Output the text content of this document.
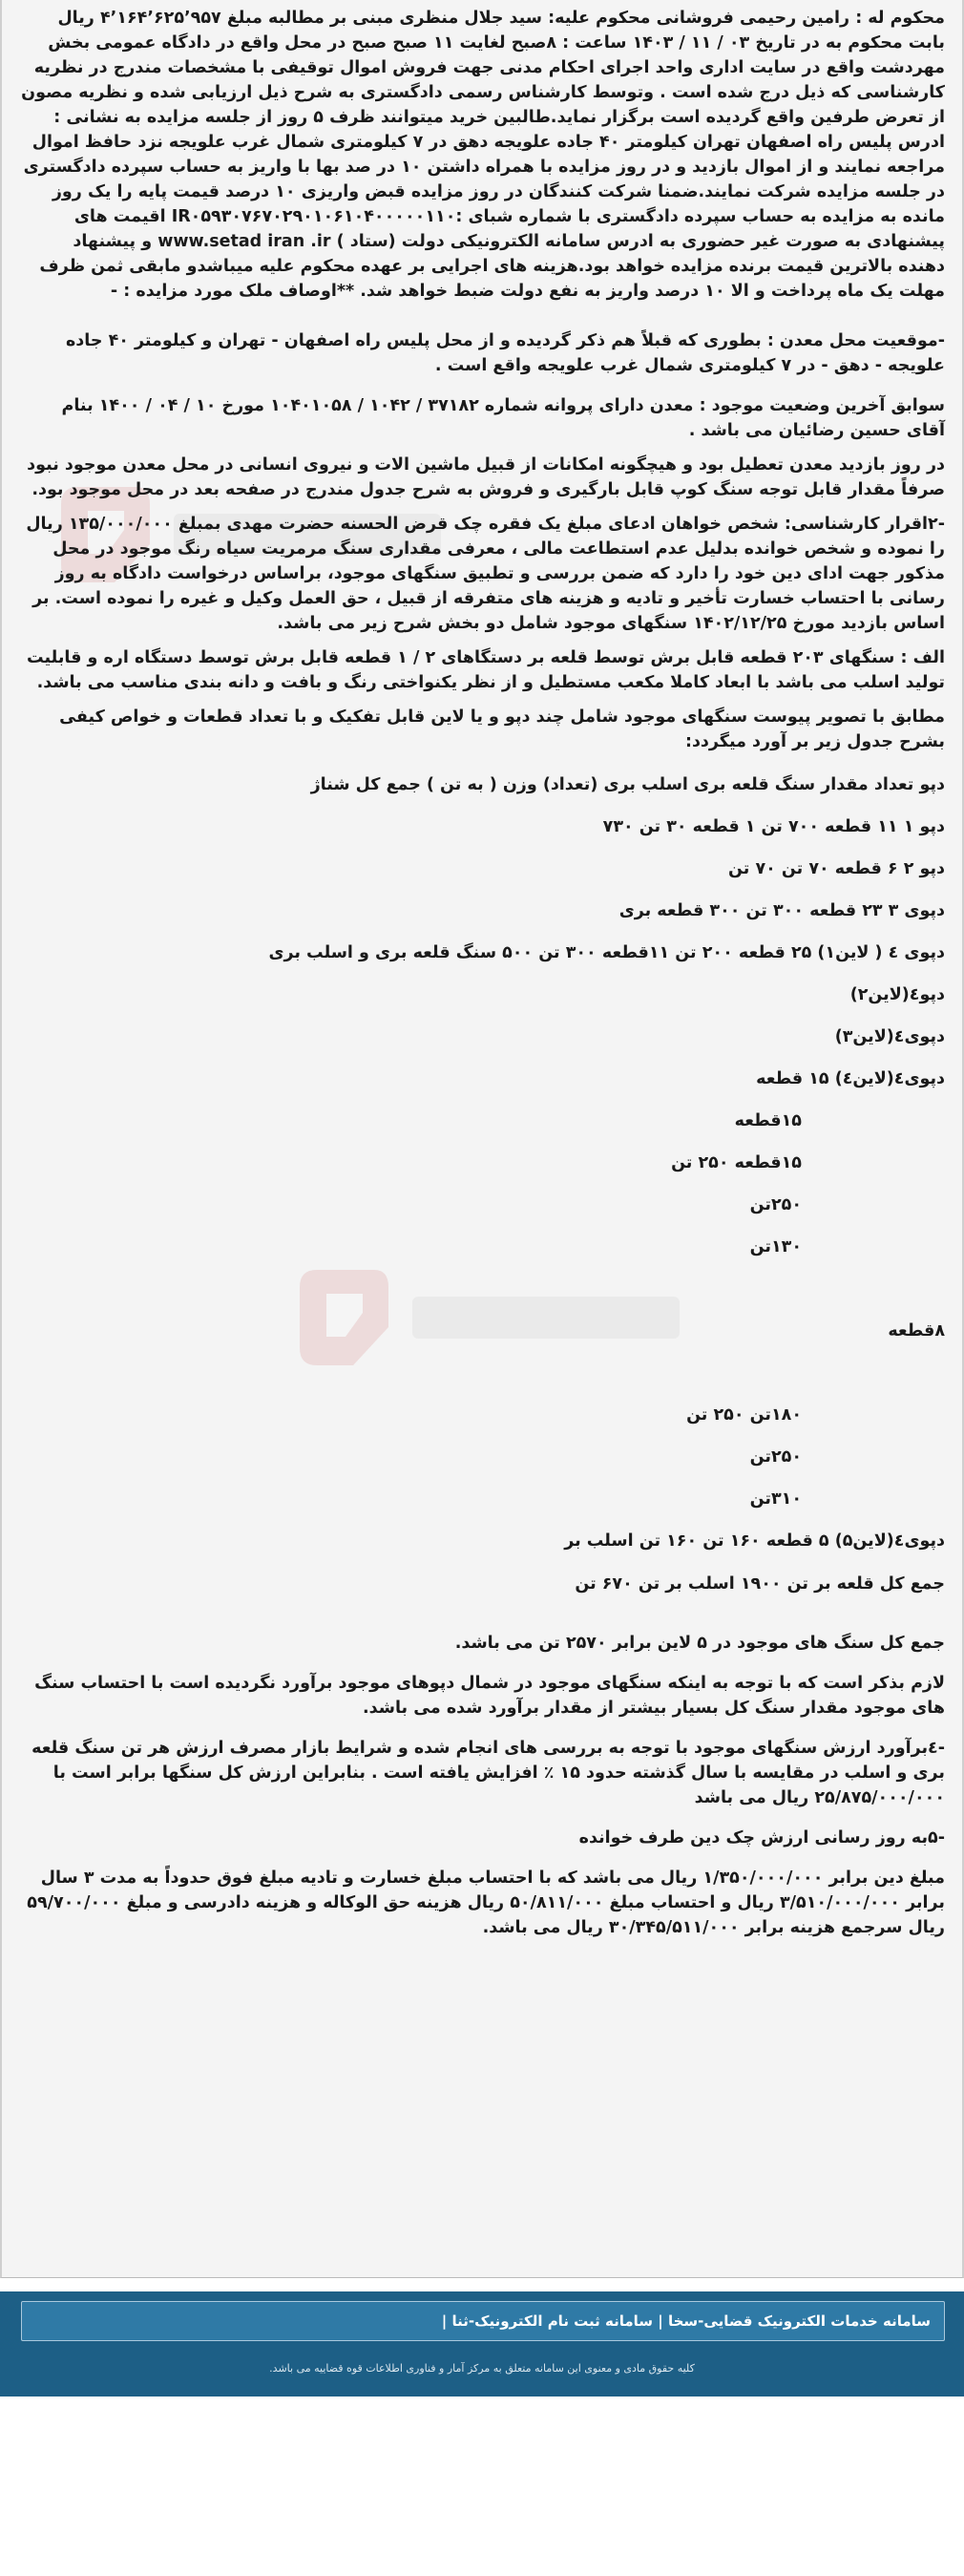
محکوم له : رامین رحیمی فروشانی محکوم علیه: سید جلال منظری مبنی بر مطالبه مبلغ ۴٬۱۶۴٬۶۲۵٬۹۵۷ ریال بابت محکوم به در تاریخ ۰۳ / ۱۱ / ۱۴۰۳ ساعت : ۸صبح لغایت ۱۱ صبح صبح در محل واقع در دادگاه عمومی بخش مهردشت واقع در سایت اداری واحد اجرای احکام مدنی جهت فروش اموال توقیفی با مشخصات مندرج در نظریه کارشناسی که ذیل درج شده است . وتوسط کارشناس رسمی دادگستری به شرح ذیل ارزیابی شده و نظریه مصون از تعرض طرفین واقع گردیده است برگزار نماید.طالبین خرید میتوانند ظرف ۵ روز از جلسه مزایده به نشانی : ادرس پلیس راه اصفهان تهران کیلومتر ۴۰ جاده علویجه دهق در ۷ کیلومتری شمال غرب علویجه نزد حافظ اموال مراجعه نمایند و از اموال بازدید و در روز مزایده با همراه داشتن ۱۰ در صد بها با واریز به حساب سپرده دادگستری در جلسه مزایده شرکت نمایند.ضمنا شرکت کنندگان در روز مزایده قبض واریزی ۱۰ درصد قیمت پایه را یک روز مانده به مزایده به حساب سپرده دادگستری با شماره شبای :IR۰۵۹۳۰۷۶۷۰۲۹۰۱۰۶۱۰۴۰۰۰۰۰۱۱۰ اقیمت های پیشنهادی به صورت غیر حضوری به ادرس سامانه الکترونیکی دولت (ستاد ) www.setad iran .ir و پیشنهاد دهنده بالاترین قیمت برنده مزایده خواهد بود.هزینه های اجرایی بر عهده محکوم علیه میباشدو مابقی ثمن ظرف مهلت یک ماه پرداخت و الا ۱۰ درصد واریز به نفع دولت ضبط خواهد شد. **اوصاف ملک مورد مزایده : -

-موقعیت محل معدن : بطوری که قبلاً هم ذکر گردیده و از محل پلیس راه اصفهان - تهران و کیلومتر ۴۰ جاده علویجه - دهق - در ۷ کیلومتری شمال غرب علویجه واقع است .

سوابق آخرین وضعیت موجود : معدن دارای پروانه شماره ۳۷۱۸۲ / ۱۰۴۲ / ۱۰۴۰۱۰۵۸ مورخ ۱۰ / ۰۴ / ۱۴۰۰ بنام آقای حسین رضائیان می باشد .

در روز بازدید معدن تعطیل بود و هیچگونه امکانات از قبیل ماشین الات و نیروی انسانی در محل معدن موجود نبود صرفاً مقدار قابل توجه سنگ کوپ قابل بارگیری و فروش به شرح جدول مندرج در صفحه بعد در محل موجود بود.

-۲اقرار کارشناسی: شخص خواهان ادعای مبلغ یک فقره چک قرض الحسنه حضرت مهدی بمبلغ ۱۳۵/۰۰۰/۰۰۰ ریال را نموده و شخص خوانده بدلیل عدم استطاعت مالی ، معرفی مقداری سنگ مرمریت سیاه رنگ موجود در محل مذکور جهت ادای دین خود را دارد که ضمن بررسی و تطبیق سنگهای موجود، براساس درخواست دادگاه به روز رسانی با احتساب خسارت تأخیر و تادیه و هزینه های متفرقه از قبیل ، حق العمل وکیل و غیره را نموده است. بر اساس بازدید مورخ ۱۴۰۲/۱۲/۲۵ سنگهای موجود شامل دو بخش شرح زیر می باشد.

الف : سنگهای ۲۰۳ قطعه قابل برش توسط قلعه بر دستگاهای ۲ / ۱ قطعه قابل برش توسط دستگاه اره و قابلیت تولید اسلب می باشد با ابعاد کاملا مکعب مستطیل و از نظر یکنواختی رنگ و بافت و دانه بندی مناسب می باشد.

مطابق با تصویر پیوست سنگهای موجود شامل چند دپو و یا لاین قابل تفکیک و با تعداد قطعات و خواص کیفی بشرح جدول زیر بر آورد میگردد:

دپو تعداد مقدار سنگ قلعه بری اسلب بری (تعداد) وزن ( به تن ) جمع کل شناژ
دپو ۱ ۱۱ قطعه ۷۰۰ تن ۱ قطعه ۳۰ تن ۷۳۰
دپو ۲ ۶ قطعه ۷۰ تن ۷۰ تن
دپوی ۳ ۲۳ قطعه ۳۰۰ تن ۳۰۰ قطعه بری
دپوی ٤ ( لاین۱) ۲۵ قطعه ۲۰۰ تن ۱۱قطعه ۳۰۰ تن ۵۰۰ سنگ قلعه بری و اسلب بری
دپو٤(لاین۲)
دپوی٤(لاین۳)
دپوی٤(لاین٤) ۱۵ قطعه
۱۵قطعه
۱۵قطعه ۲۵۰ تن
۲۵۰تن
۱۳۰تن
۸قطعه
۱۸۰تن ۲۵۰ تن
۲۵۰تن
۳۱۰تن
دپوی٤(لاین۵) ۵ قطعه ۱۶۰ تن ۱۶۰ تن اسلب بر
جمع کل قلعه بر تن ۱۹۰۰ اسلب بر تن ۶۷۰ تن

جمع کل سنگ های موجود در ۵ لاین برابر ۲۵۷۰ تن می باشد.

لازم بذکر است که با توجه به اینکه سنگهای موجود در شمال دپوهای موجود برآورد نگردیده است با احتساب سنگ های موجود مقدار سنگ کل بسیار بیشتر از مقدار برآورد شده می باشد.

-٤برآورد ارزش سنگهای موجود با توجه به بررسی های انجام شده و شرایط بازار مصرف ارزش هر تن سنگ قلعه بری و اسلب در مقایسه با سال گذشته حدود ۱۵ ٪ افزایش یافته است . بنابراین ارزش کل سنگها برابر است با ۲۵/۸۷۵/۰۰۰/۰۰۰ ریال می باشد

-۵به روز رسانی ارزش چک دین طرف خوانده

مبلغ دین برابر ۱/۳۵۰/۰۰۰/۰۰۰ ریال می باشد که با احتساب مبلغ خسارت و تادیه مبلغ فوق حدوداً به مدت ۳ سال برابر ۳/۵۱۰/۰۰۰/۰۰۰ ریال و احتساب مبلغ ۵۰/۸۱۱/۰۰۰ ریال هزینه حق الوکاله و هزینه دادرسی و مبلغ ۵۹/۷۰۰/۰۰۰ ریال سرجمع هزینه برابر ۳۰/۳۴۵/۵۱۱/۰۰۰ ریال می باشد.

سامانه خدمات الکترونیک قضایی-سخا | سامانه ثبت نام الکترونیک-ثنا |
کلیه حقوق مادی و معنوی این سامانه متعلق به مرکز آمار و فناوری اطلاعات قوه قضاییه می باشد.
